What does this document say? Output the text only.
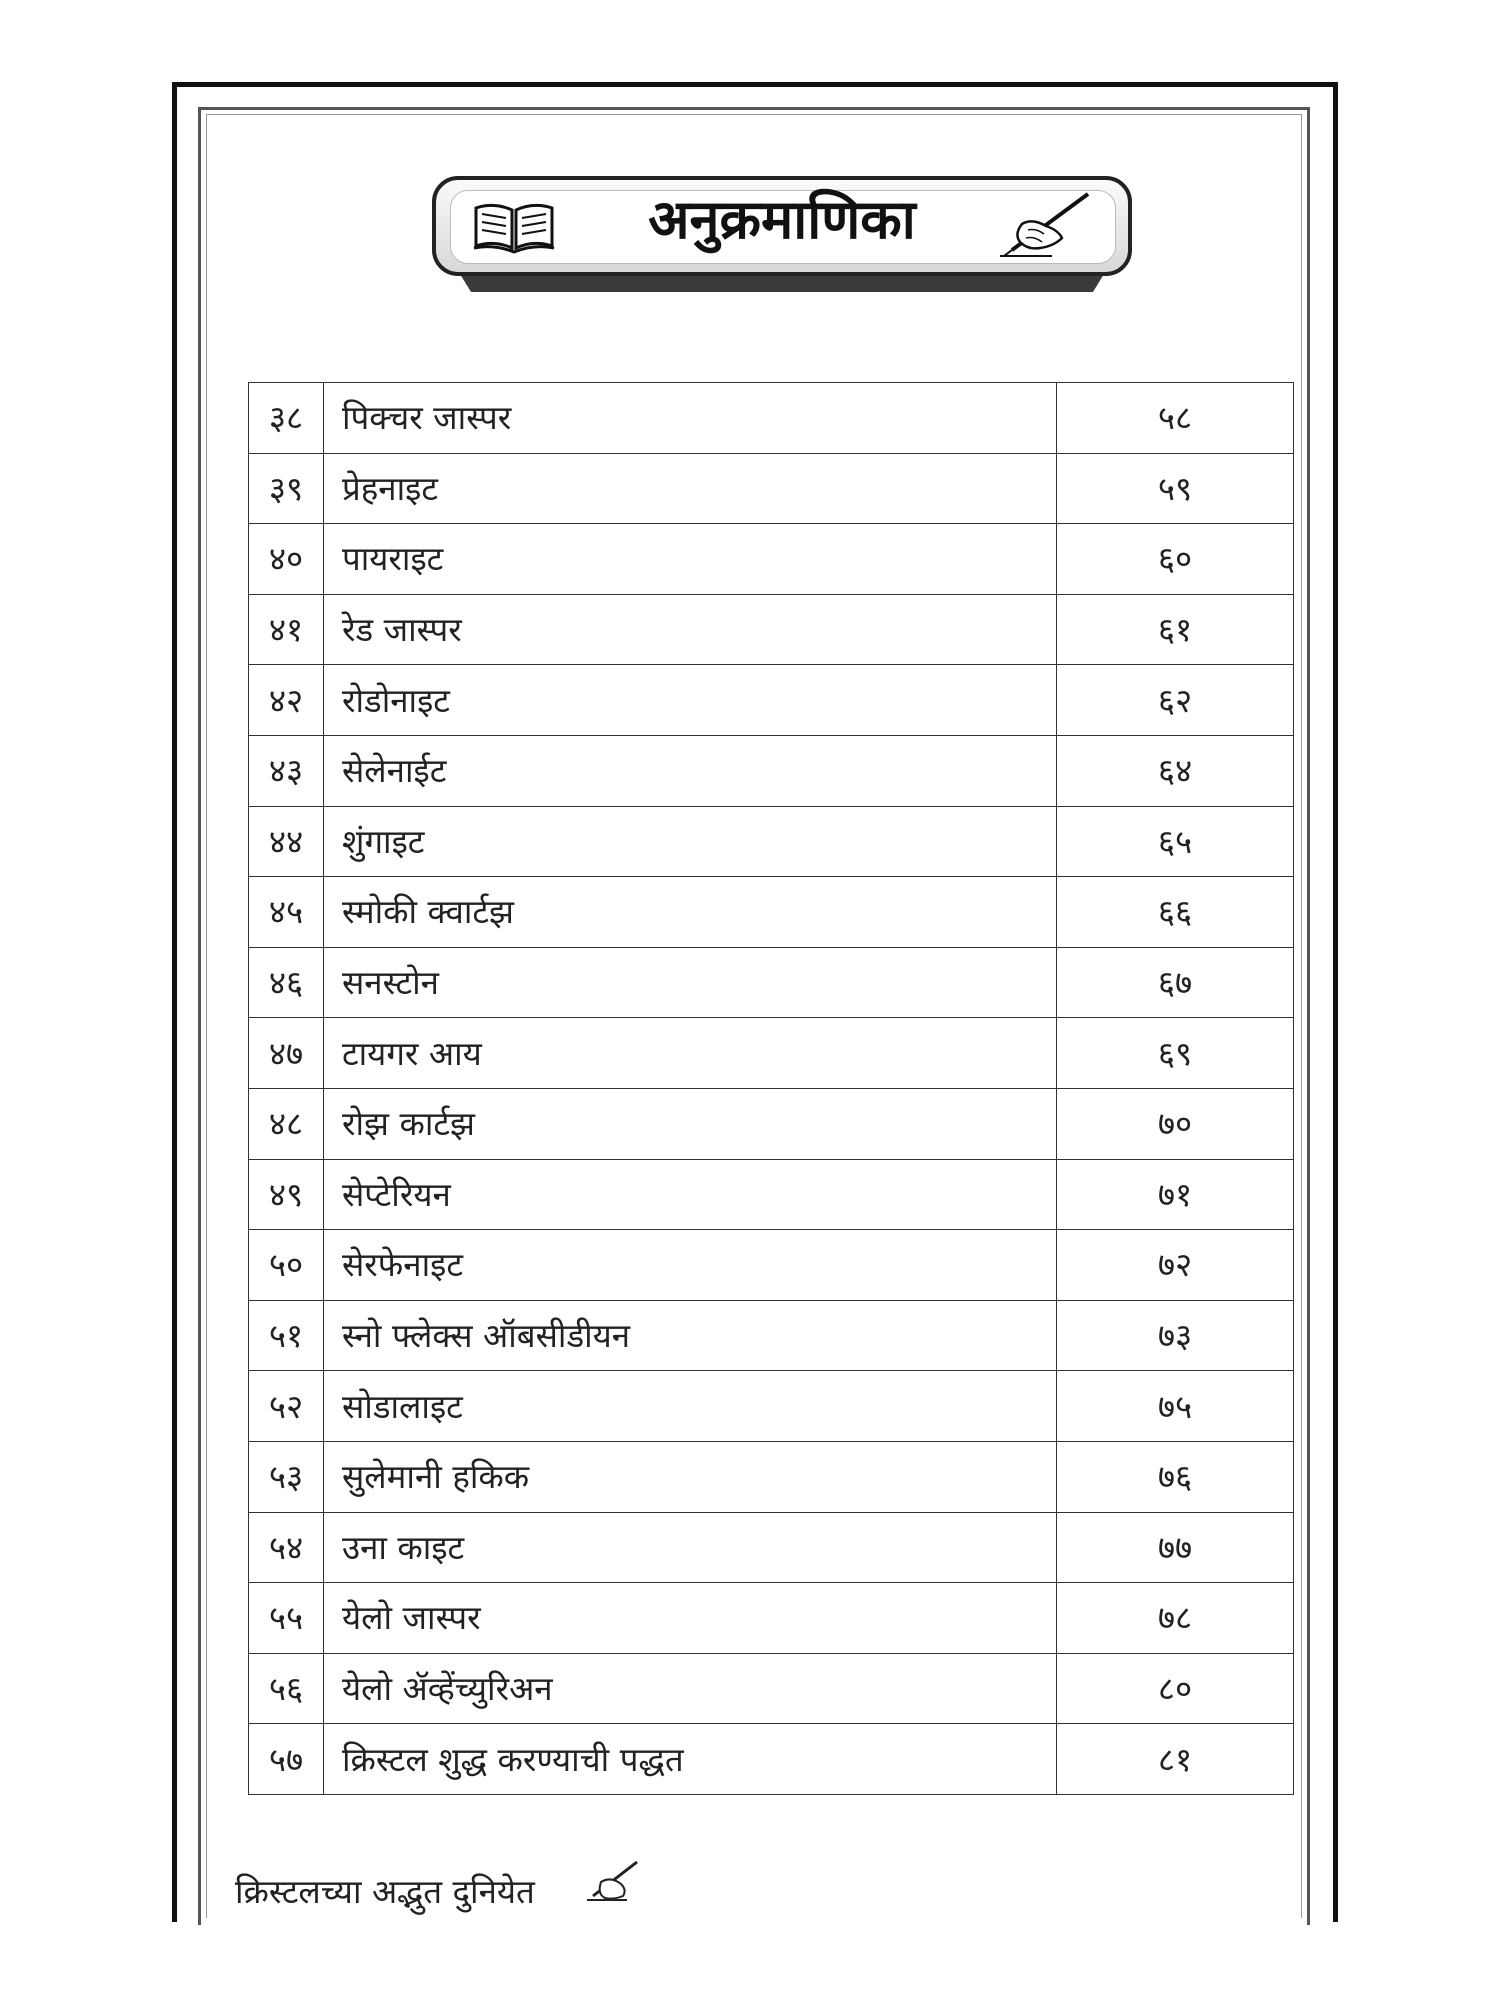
अनुक्रमाणिका
३८	पिक्चर जास्पर	५८
३९	प्रेहनाइट	५९
४०	पायराइट	६०
४१	रेड जास्पर	६१
४२	रोडोनाइट	६२
४३	सेलेनाईट	६४
४४	शुंगाइट	६५
४५	स्मोकी क्वार्टझ	६६
४६	सनस्टोन	६७
४७	टायगर आय	६९
४८	रोझ कार्टझ	७०
४९	सेप्टेरियन	७१
५०	सेरफेनाइट	७२
५१	स्नो फ्लेक्स ऑबसीडीयन	७३
५२	सोडालाइट	७५
५३	सुलेमानी हकिक	७६
५४	उना काइट	७७
५५	येलो जास्पर	७८
५६	येलो ॲव्हेंच्युरिअन	८०
५७	क्रिस्टल शुद्ध करण्याची पद्धत	८१
क्रिस्टलच्या अद्भुत दुनियेत
